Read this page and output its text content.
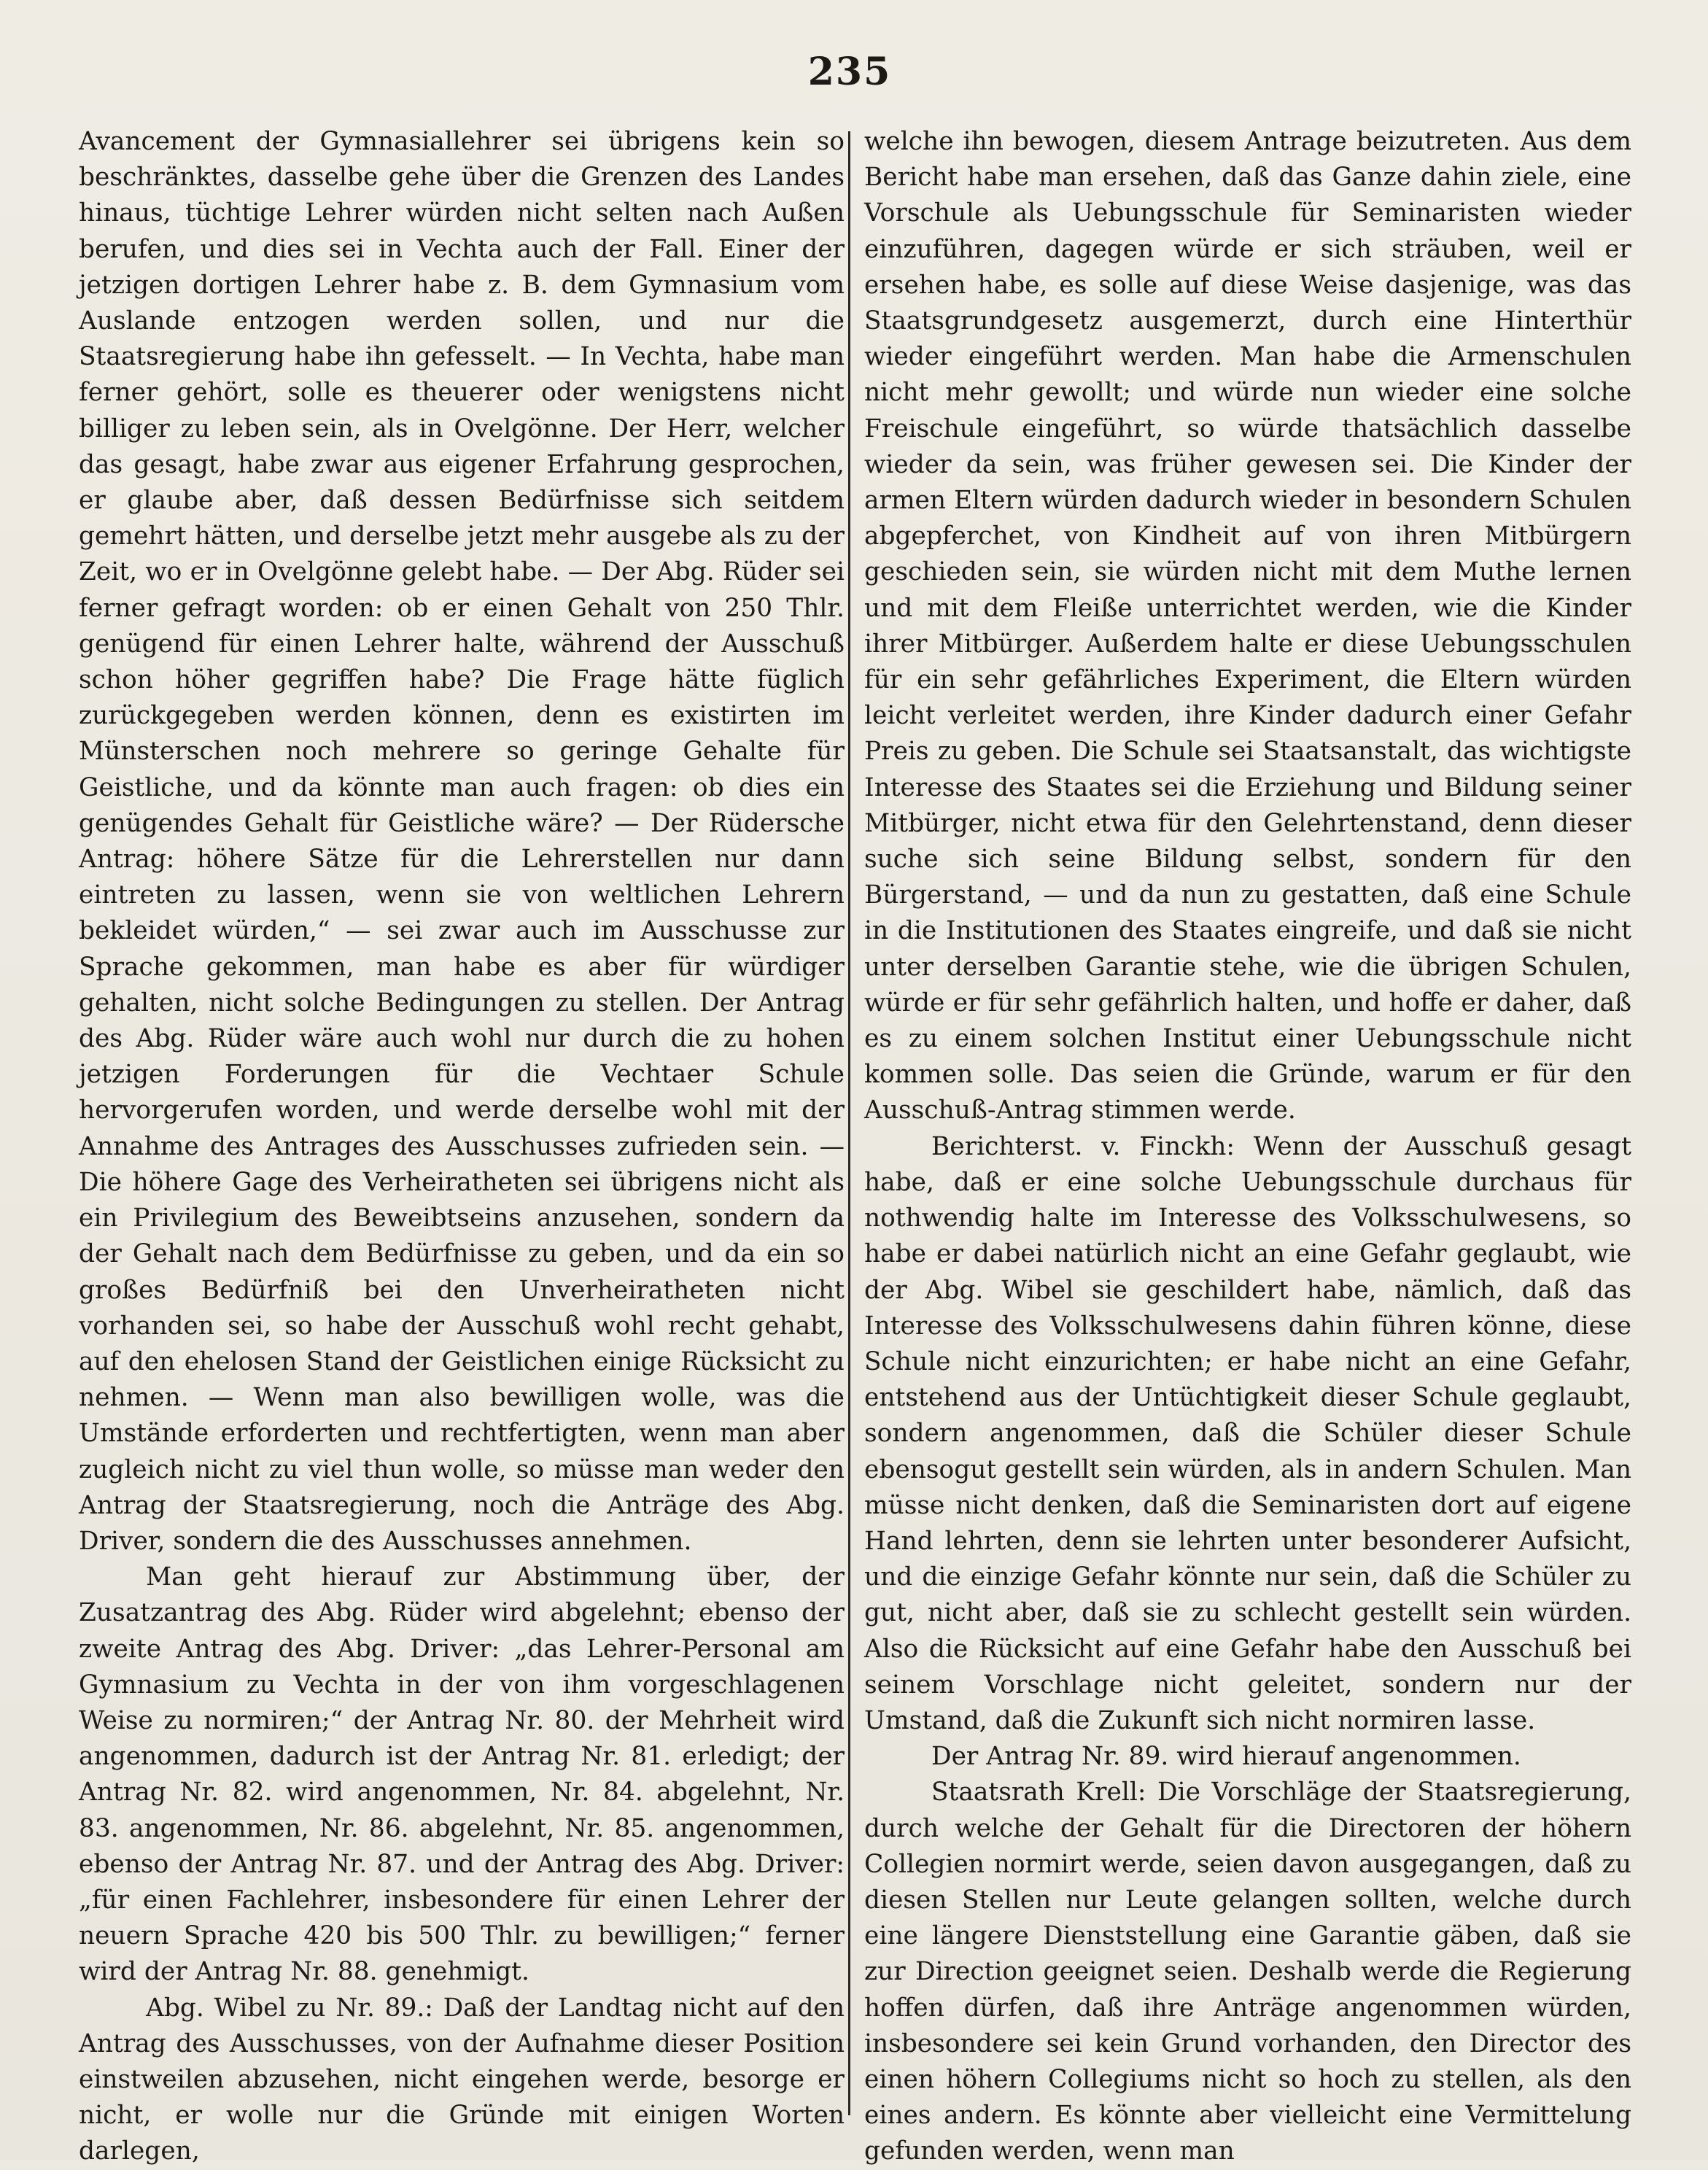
235

Avancement der Gymnasiallehrer sei übrigens kein so beschränktes, dasselbe gehe über die Grenzen des Landes hinaus, tüchtige Lehrer würden nicht selten nach Außen berufen, und dies sei in Vechta auch der Fall. Einer der jetzigen dortigen Lehrer habe z. B. dem Gymnasium vom Auslande entzogen werden sollen, und nur die Staatsregierung habe ihn gefesselt. — In Vechta, habe man ferner gehört, solle es theuerer oder wenigstens nicht billiger zu leben sein, als in Ovelgönne. Der Herr, welcher das gesagt, habe zwar aus eigener Erfahrung gesprochen, er glaube aber, daß dessen Bedürfnisse sich seitdem gemehrt hätten, und derselbe jetzt mehr ausgebe als zu der Zeit, wo er in Ovelgönne gelebt habe. — Der Abg. Rüder sei ferner gefragt worden: ob er einen Gehalt von 250 Thlr. genügend für einen Lehrer halte, während der Ausschuß schon höher gegriffen habe? Die Frage hätte füglich zurückgegeben werden können, denn es existirten im Münsterschen noch mehrere so geringe Gehalte für Geistliche, und da könnte man auch fragen: ob dies ein genügendes Gehalt für Geistliche wäre? — Der Rüdersche Antrag: höhere Sätze für die Lehrerstellen nur dann eintreten zu lassen, wenn sie von weltlichen Lehrern bekleidet würden,“ — sei zwar auch im Ausschusse zur Sprache gekommen, man habe es aber für würdiger gehalten, nicht solche Bedingungen zu stellen. Der Antrag des Abg. Rüder wäre auch wohl nur durch die zu hohen jetzigen Forderungen für die Vechtaer Schule hervorgerufen worden, und werde derselbe wohl mit der Annahme des Antrages des Ausschusses zufrieden sein. — Die höhere Gage des Verheiratheten sei übrigens nicht als ein Privilegium des Beweibtseins anzusehen, sondern da der Gehalt nach dem Bedürfnisse zu geben, und da ein so großes Bedürfniß bei den Unverheiratheten nicht vorhanden sei, so habe der Ausschuß wohl recht gehabt, auf den ehelosen Stand der Geistlichen einige Rücksicht zu nehmen. — Wenn man also bewilligen wolle, was die Umstände erforderten und rechtfertigten, wenn man aber zugleich nicht zu viel thun wolle, so müsse man weder den Antrag der Staatsregierung, noch die Anträge des Abg. Driver, sondern die des Ausschusses annehmen.

Man geht hierauf zur Abstimmung über, der Zusatzantrag des Abg. Rüder wird abgelehnt; ebenso der zweite Antrag des Abg. Driver: „das Lehrer-Personal am Gymnasium zu Vechta in der von ihm vorgeschlagenen Weise zu normiren;“ der Antrag Nr. 80. der Mehrheit wird angenommen, dadurch ist der Antrag Nr. 81. erledigt; der Antrag Nr. 82. wird angenommen, Nr. 84. abgelehnt, Nr. 83. angenommen, Nr. 86. abgelehnt, Nr. 85. angenommen, ebenso der Antrag Nr. 87. und der Antrag des Abg. Driver: „für einen Fachlehrer, insbesondere für einen Lehrer der neuern Sprache 420 bis 500 Thlr. zu bewilligen;“ ferner wird der Antrag Nr. 88. genehmigt.

Abg. Wibel zu Nr. 89.: Daß der Landtag nicht auf den Antrag des Ausschusses, von der Aufnahme dieser Position einstweilen abzusehen, nicht eingehen werde, besorge er nicht, er wolle nur die Gründe mit einigen Worten darlegen,

welche ihn bewogen, diesem Antrage beizutreten. Aus dem Bericht habe man ersehen, daß das Ganze dahin ziele, eine Vorschule als Uebungsschule für Seminaristen wieder einzuführen, dagegen würde er sich sträuben, weil er ersehen habe, es solle auf diese Weise dasjenige, was das Staatsgrundgesetz ausgemerzt, durch eine Hinterthür wieder eingeführt werden. Man habe die Armenschulen nicht mehr gewollt; und würde nun wieder eine solche Freischule eingeführt, so würde thatsächlich dasselbe wieder da sein, was früher gewesen sei. Die Kinder der armen Eltern würden dadurch wieder in besondern Schulen abgepferchet, von Kindheit auf von ihren Mitbürgern geschieden sein, sie würden nicht mit dem Muthe lernen und mit dem Fleiße unterrichtet werden, wie die Kinder ihrer Mitbürger. Außerdem halte er diese Uebungsschulen für ein sehr gefährliches Experiment, die Eltern würden leicht verleitet werden, ihre Kinder dadurch einer Gefahr Preis zu geben. Die Schule sei Staatsanstalt, das wichtigste Interesse des Staates sei die Erziehung und Bildung seiner Mitbürger, nicht etwa für den Gelehrtenstand, denn dieser suche sich seine Bildung selbst, sondern für den Bürgerstand, — und da nun zu gestatten, daß eine Schule in die Institutionen des Staates eingreife, und daß sie nicht unter derselben Garantie stehe, wie die übrigen Schulen, würde er für sehr gefährlich halten, und hoffe er daher, daß es zu einem solchen Institut einer Uebungsschule nicht kommen solle. Das seien die Gründe, warum er für den Ausschuß-Antrag stimmen werde.

Berichterst. v. Finckh: Wenn der Ausschuß gesagt habe, daß er eine solche Uebungsschule durchaus für nothwendig halte im Interesse des Volksschulwesens, so habe er dabei natürlich nicht an eine Gefahr geglaubt, wie der Abg. Wibel sie geschildert habe, nämlich, daß das Interesse des Volksschulwesens dahin führen könne, diese Schule nicht einzurichten; er habe nicht an eine Gefahr, entstehend aus der Untüchtigkeit dieser Schule geglaubt, sondern angenommen, daß die Schüler dieser Schule ebensogut gestellt sein würden, als in andern Schulen. Man müsse nicht denken, daß die Seminaristen dort auf eigene Hand lehrten, denn sie lehrten unter besonderer Aufsicht, und die einzige Gefahr könnte nur sein, daß die Schüler zu gut, nicht aber, daß sie zu schlecht gestellt sein würden. Also die Rücksicht auf eine Gefahr habe den Ausschuß bei seinem Vorschlage nicht geleitet, sondern nur der Umstand, daß die Zukunft sich nicht normiren lasse.

Der Antrag Nr. 89. wird hierauf angenommen.

Staatsrath Krell: Die Vorschläge der Staatsregierung, durch welche der Gehalt für die Directoren der höhern Collegien normirt werde, seien davon ausgegangen, daß zu diesen Stellen nur Leute gelangen sollten, welche durch eine längere Dienststellung eine Garantie gäben, daß sie zur Direction geeignet seien. Deshalb werde die Regierung hoffen dürfen, daß ihre Anträge angenommen würden, insbesondere sei kein Grund vorhanden, den Director des einen höhern Collegiums nicht so hoch zu stellen, als den eines andern. Es könnte aber vielleicht eine Vermittelung gefunden werden, wenn man
